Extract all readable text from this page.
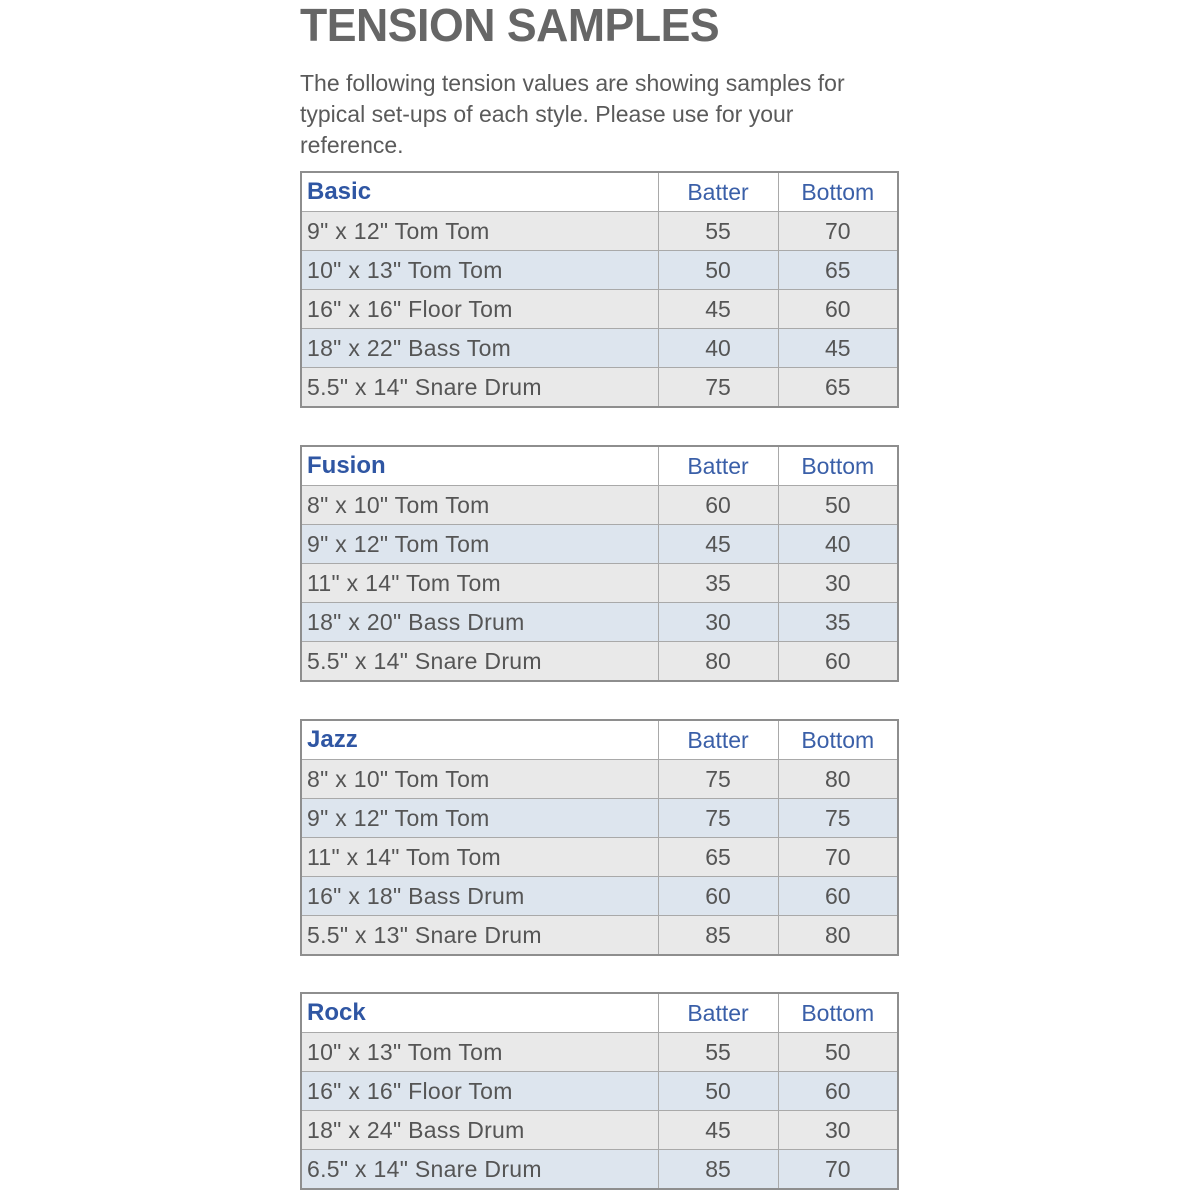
TENSION SAMPLES

The following tension values are showing samples for typical set-ups of each style. Please use for your reference.

Basic	Batter	Bottom
9" x 12" Tom Tom	55	70
10" x 13" Tom Tom	50	65
16" x 16" Floor Tom	45	60
18" x 22" Bass Tom	40	45
5.5" x 14" Snare Drum	75	65
Fusion	Batter	Bottom
8" x 10" Tom Tom	60	50
9" x 12" Tom Tom	45	40
11" x 14" Tom Tom	35	30
18" x 20" Bass Drum	30	35
5.5" x 14" Snare Drum	80	60
Jazz	Batter	Bottom
8" x 10" Tom Tom	75	80
9" x 12" Tom Tom	75	75
11" x 14" Tom Tom	65	70
16" x 18" Bass Drum	60	60
5.5" x 13" Snare Drum	85	80
Rock	Batter	Bottom
10" x 13" Tom Tom	55	50
16" x 16" Floor Tom	50	60
18" x 24" Bass Drum	45	30
6.5" x 14" Snare Drum	85	70
